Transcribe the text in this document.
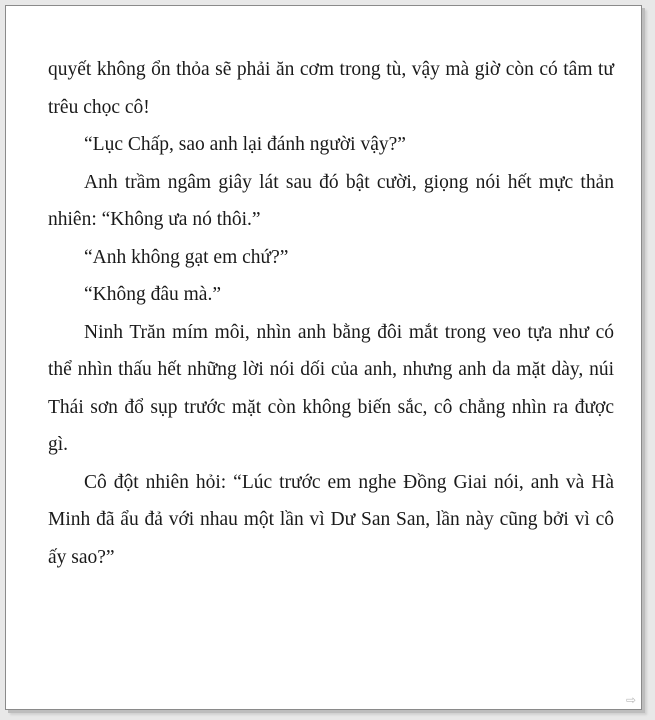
quyết không ổn thỏa sẽ phải ăn cơm trong tù, vậy mà giờ còn có tâm tư trêu chọc cô!

“Lục Chấp, sao anh lại đánh người vậy?”

Anh trầm ngâm giây lát sau đó bật cười, giọng nói hết mực thản nhiên: “Không ưa nó thôi.”

“Anh không gạt em chứ?”

“Không đâu mà.”

Ninh Trăn mím môi, nhìn anh bằng đôi mắt trong veo tựa như có thể nhìn thấu hết những lời nói dối của anh, nhưng anh da mặt dày, núi Thái sơn đổ sụp trước mặt còn không biến sắc, cô chẳng nhìn ra được gì.

Cô đột nhiên hỏi: “Lúc trước em nghe Đồng Giai nói, anh và Hà Minh đã ẩu đả với nhau một lần vì Dư San San, lần này cũng bởi vì cô ấy sao?”

⇨
